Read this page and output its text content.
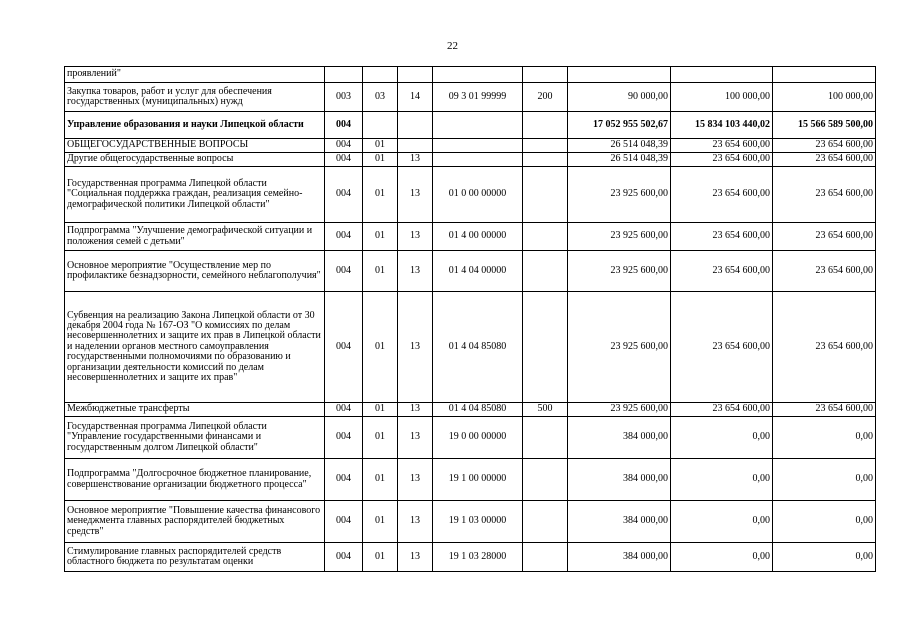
22
проявлений"								
Закупка товаров, работ и услуг для обеспечения государственных (муниципальных) нужд	003	03	14	09 3 01 99999	200	90 000,00	100 000,00	100 000,00
Управление образования и науки Липецкой области	004					17 052 955 502,67	15 834 103 440,02	15 566 589 500,00
ОБЩЕГОСУДАРСТВЕННЫЕ ВОПРОСЫ	004	01				26 514 048,39	23 654 600,00	23 654 600,00
Другие общегосударственные вопросы	004	01	13			26 514 048,39	23 654 600,00	23 654 600,00
Государственная программа Липецкой области "Социальная поддержка граждан, реализация семейно-демографической политики Липецкой области"	004	01	13	01 0 00 00000		23 925 600,00	23 654 600,00	23 654 600,00
Подпрограмма "Улучшение демографической ситуации и положения семей с детьми"	004	01	13	01 4 00 00000		23 925 600,00	23 654 600,00	23 654 600,00
Основное мероприятие "Осуществление мер по профилактике безнадзорности, семейного неблагополучия"	004	01	13	01 4 04 00000		23 925 600,00	23 654 600,00	23 654 600,00
Субвенция на реализацию Закона Липецкой области от 30 декабря 2004 года № 167-ОЗ "О комиссиях по делам несовершеннолетних и защите их прав в Липецкой области и наделении органов местного самоуправления государственными полномочиями по образованию и организации деятельности комиссий по делам несовершеннолетних и защите их прав"	004	01	13	01 4 04 85080		23 925 600,00	23 654 600,00	23 654 600,00
Межбюджетные трансферты	004	01	13	01 4 04 85080	500	23 925 600,00	23 654 600,00	23 654 600,00
Государственная программа Липецкой области "Управление государственными финансами и государственным долгом Липецкой области"	004	01	13	19 0 00 00000		384 000,00	0,00	0,00
Подпрограмма "Долгосрочное бюджетное планирование, совершенствование организации бюджетного процесса"	004	01	13	19 1 00 00000		384 000,00	0,00	0,00
Основное мероприятие "Повышение качества финансового менеджмента главных распорядителей бюджетных средств"	004	01	13	19 1 03 00000		384 000,00	0,00	0,00
Стимулирование главных распорядителей средств областного бюджета по результатам оценки	004	01	13	19 1 03 28000		384 000,00	0,00	0,00
